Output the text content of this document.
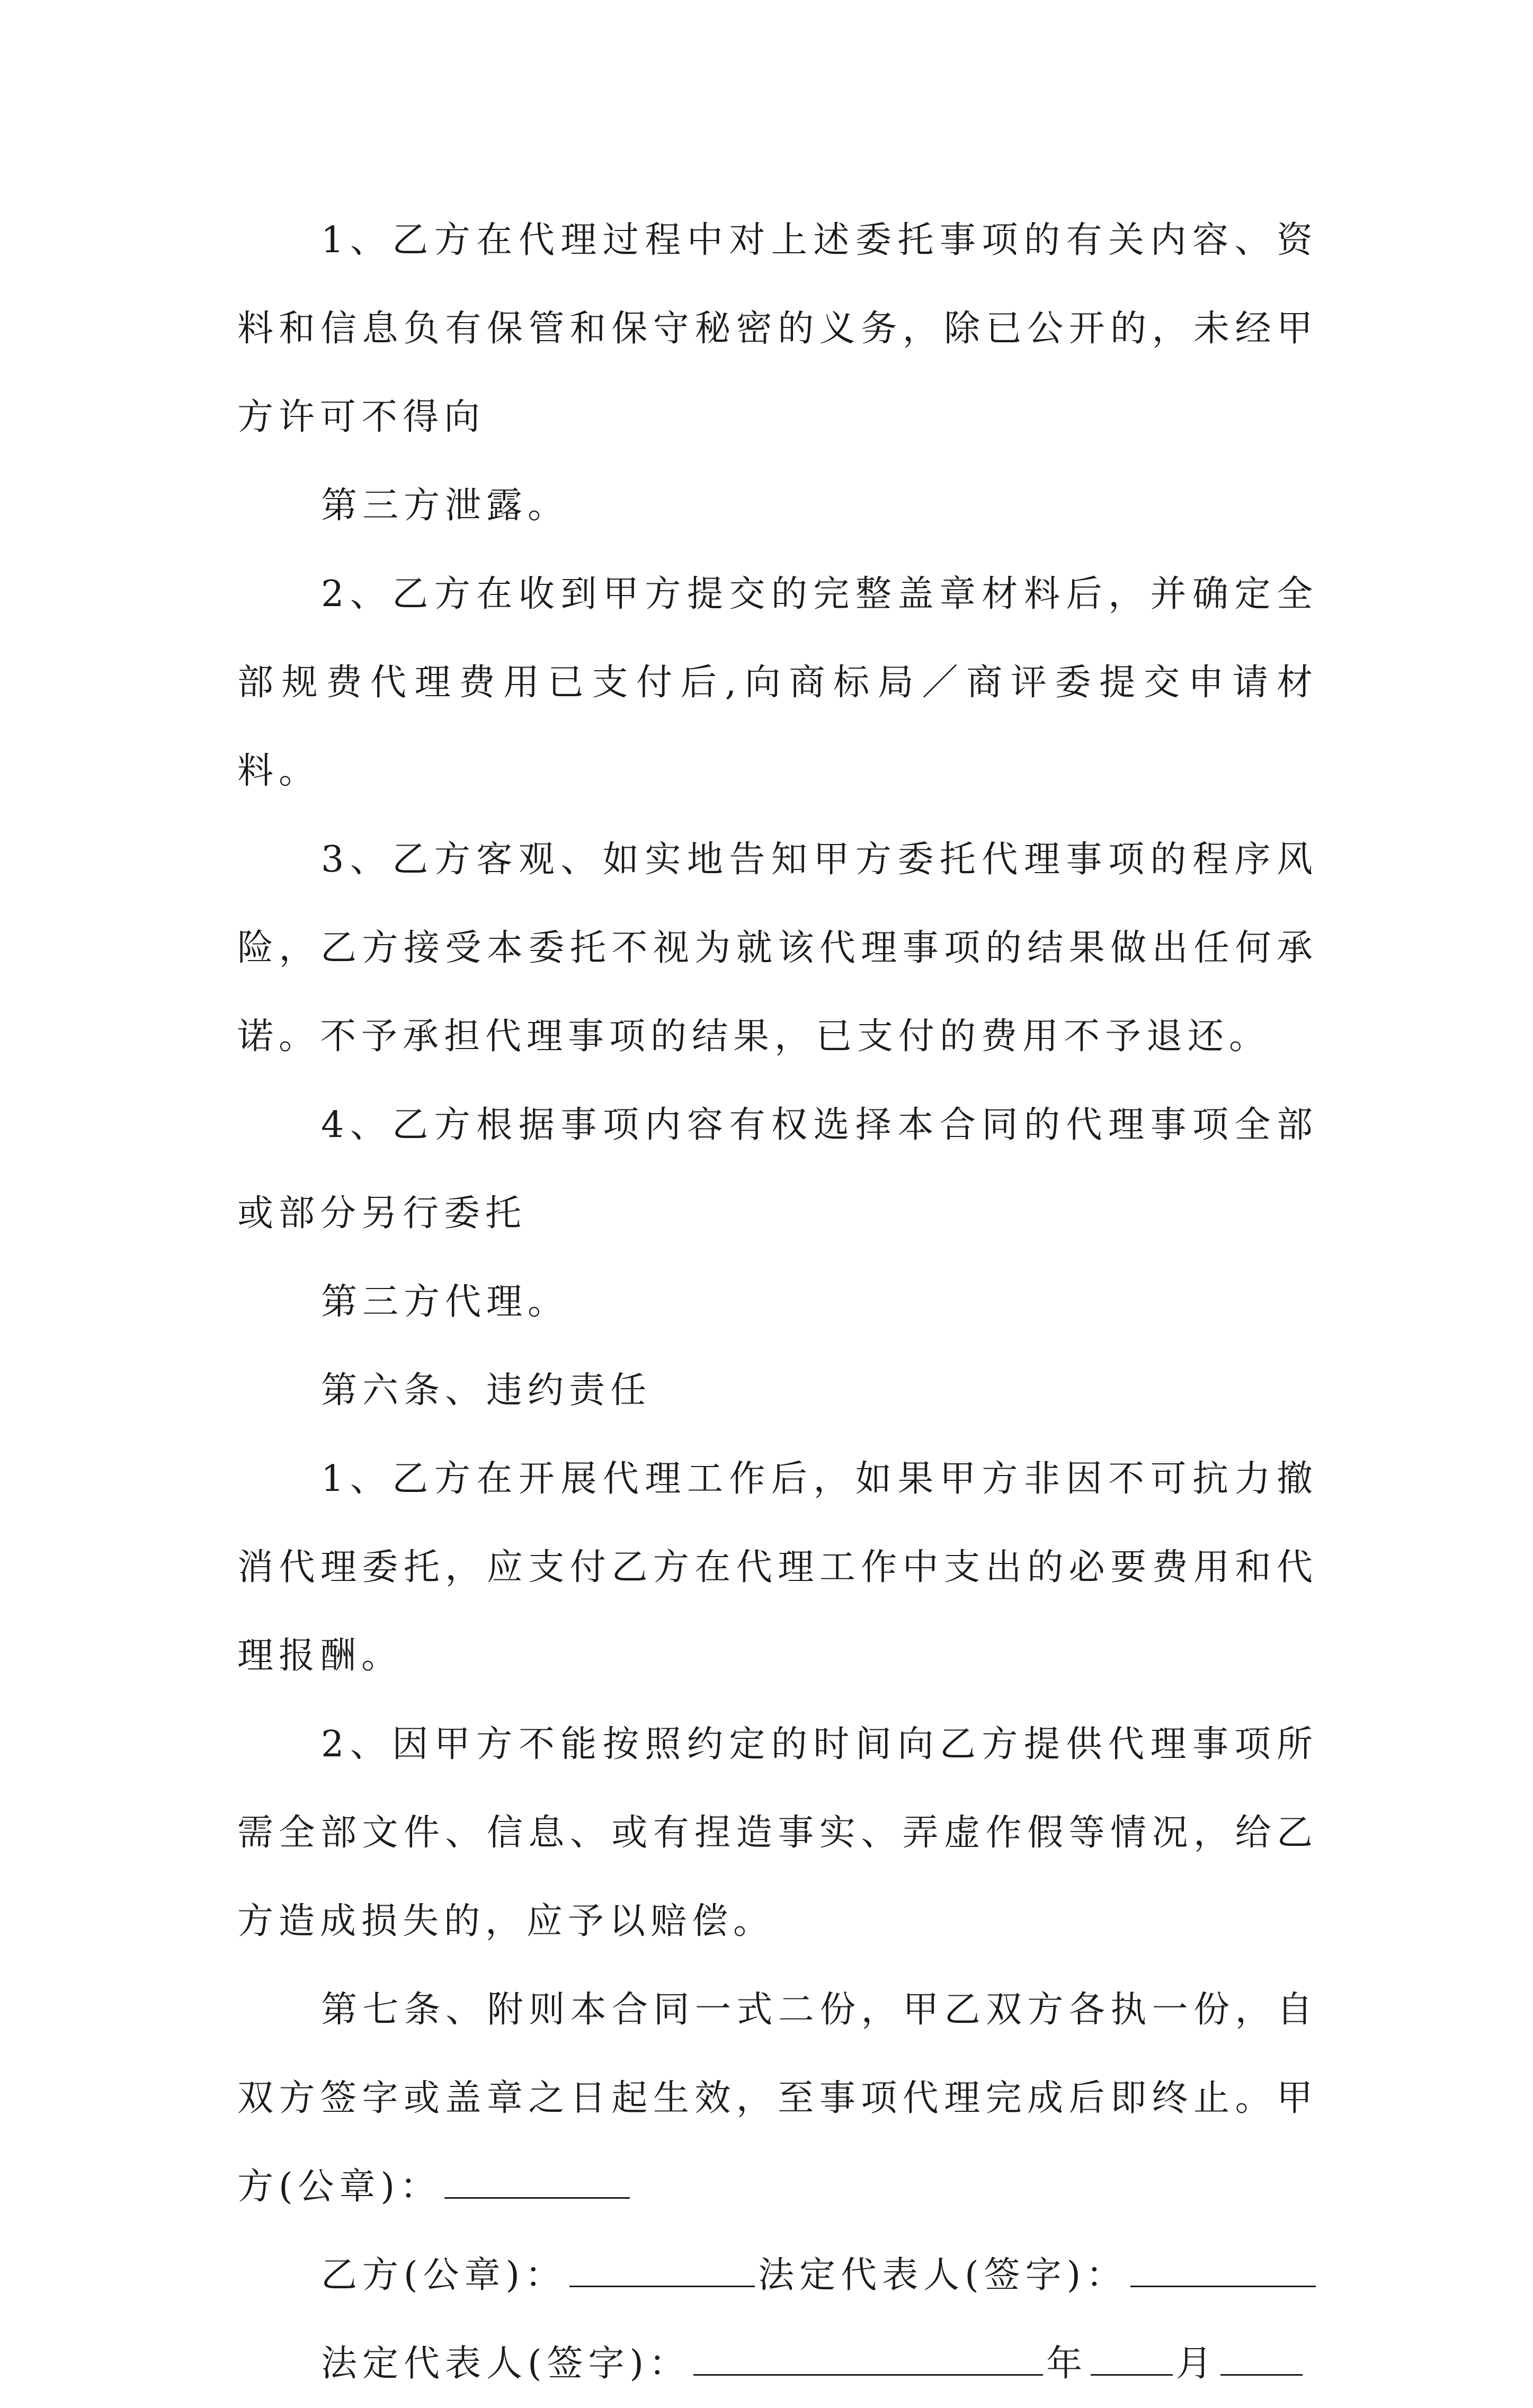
1、乙方在代理过程中对上述委托事项的有关内容、资料和信息负有保管和保守秘密的义务，除已公开的，未经甲方许可不得向

第三方泄露。

2、乙方在收到甲方提交的完整盖章材料后，并确定全部规费代理费用已支付后,向商标局／商评委提交申请材料。

3、乙方客观、如实地告知甲方委托代理事项的程序风险，乙方接受本委托不视为就该代理事项的结果做出任何承诺。不予承担代理事项的结果，已支付的费用不予退还。

4、乙方根据事项内容有权选择本合同的代理事项全部或部分另行委托

第三方代理。

第六条、违约责任

1、乙方在开展代理工作后，如果甲方非因不可抗力撤消代理委托，应支付乙方在代理工作中支出的必要费用和代理报酬。

2、因甲方不能按照约定的时间向乙方提供代理事项所需全部文件、信息、或有捏造事实、弄虚作假等情况，给乙方造成损失的，应予以赔偿。

第七条、附则本合同一式二份，甲乙双方各执一份，自双方签字或盖章之日起生效，至事项代理完成后即终止。甲方(公章)：

乙方(公章)：	法定代表人(签字)：

法定代表人(签字)：	年 月
